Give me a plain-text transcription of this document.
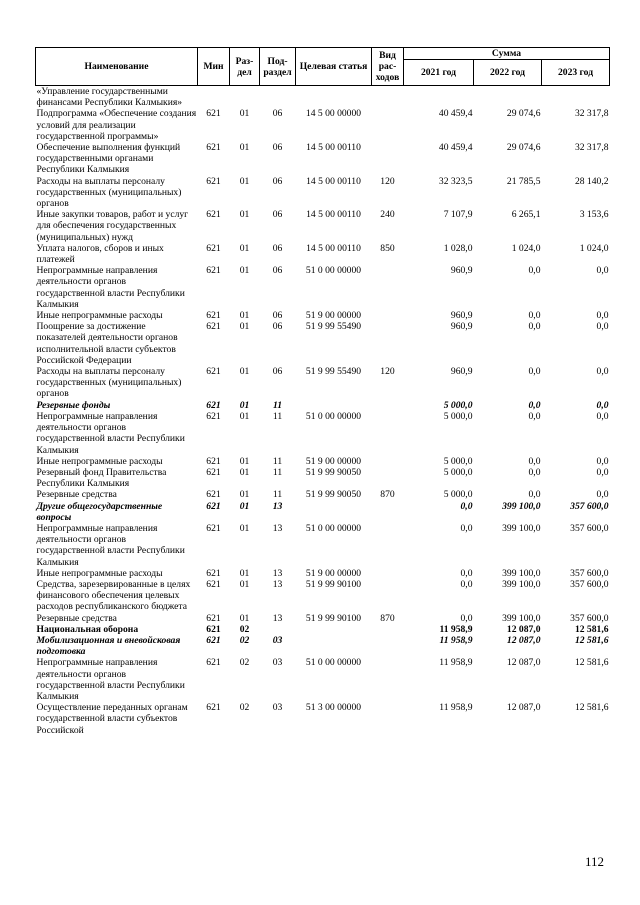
Наименование	Мин	Раз-дел	Под-раздел	Целевая статья	Вид рас-ходов	Сумма		
						2021 год	2022 год	2023 год
«Управление государственными финансами Республики Калмыкия»								
Подпрограмма «Обеспечение создания условий для реализации государственной программы»	621	01	06	14 5 00 00000		40 459,4	29 074,6	32 317,8
Обеспечение выполнения функций государственными органами Республики Калмыкия	621	01	06	14 5 00 00110		40 459,4	29 074,6	32 317,8
Расходы на выплаты персоналу государственных (муниципальных) органов	621	01	06	14 5 00 00110	120	32 323,5	21 785,5	28 140,2
Иные закупки товаров, работ и услуг для обеспечения государственных (муниципальных) нужд	621	01	06	14 5 00 00110	240	7 107,9	6 265,1	3 153,6
Уплата налогов, сборов и иных платежей	621	01	06	14 5 00 00110	850	1 028,0	1 024,0	1 024,0
Непрограммные направления деятельности органов государственной власти Республики Калмыкия	621	01	06	51 0 00 00000		960,9	0,0	0,0
Иные непрограммные расходы	621	01	06	51 9 00 00000		960,9	0,0	0,0
Поощрение за достижение показателей деятельности органов исполнительной власти субъектов Российской Федерации	621	01	06	51 9 99 55490		960,9	0,0	0,0
Расходы на выплаты персоналу государственных (муниципальных) органов	621	01	06	51 9 99 55490	120	960,9	0,0	0,0
Резервные фонды	621	01	11			5 000,0	0,0	0,0
Непрограммные направления деятельности органов государственной власти Республики Калмыкия	621	01	11	51 0 00 00000		5 000,0	0,0	0,0
Иные непрограммные расходы	621	01	11	51 9 00 00000		5 000,0	0,0	0,0
Резервный фонд Правительства Республики Калмыкия	621	01	11	51 9 99 90050		5 000,0	0,0	0,0
Резервные средства	621	01	11	51 9 99 90050	870	5 000,0	0,0	0,0
Другие общегосударственные вопросы	621	01	13			0,0	399 100,0	357 600,0
Непрограммные направления деятельности органов государственной власти Республики Калмыкия	621	01	13	51 0 00 00000		0,0	399 100,0	357 600,0
Иные непрограммные расходы	621	01	13	51 9 00 00000		0,0	399 100,0	357 600,0
Средства, зарезервированные в целях финансового обеспечения целевых расходов республиканского бюджета	621	01	13	51 9 99 90100		0,0	399 100,0	357 600,0
Резервные средства	621	01	13	51 9 99 90100	870	0,0	399 100,0	357 600,0
Национальная оборона	621	02				11 958,9	12 087,0	12 581,6
Мобилизационная и вневойсковая подготовка	621	02	03			11 958,9	12 087,0	12 581,6
Непрограммные направления деятельности органов государственной власти Республики Калмыкия	621	02	03	51 0 00 00000		11 958,9	12 087,0	12 581,6
Осуществление переданных органам государственной власти субъектов Российской	621	02	03	51 3 00 00000		11 958,9	12 087,0	12 581,6
112
